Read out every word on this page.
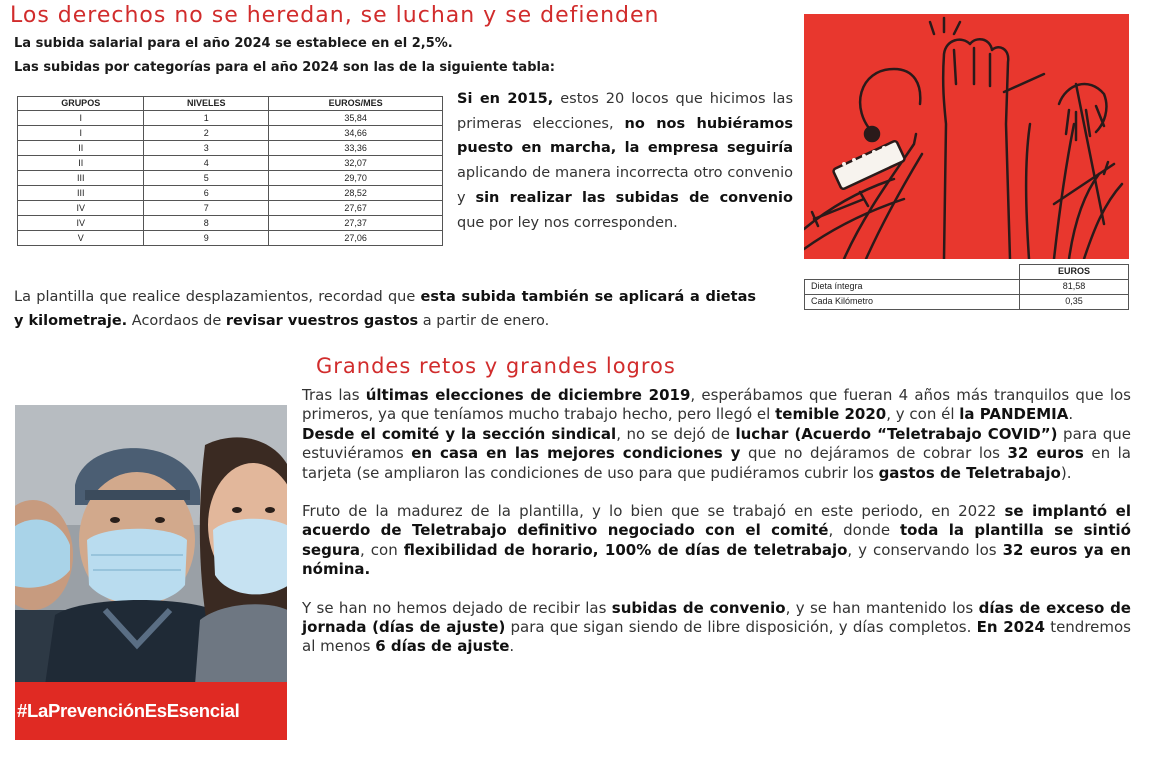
Los derechos no se heredan, se luchan y se defienden
La subida salarial para el año 2024 se establece en el 2,5%.
Las subidas por categorías para el año 2024 son las de la siguiente tabla:
GRUPOS	NIVELES	EUROS/MES
I	1	35,84
I	2	34,66
II	3	33,36
II	4	32,07
III	5	29,70
III	6	28,52
IV	7	27,67
IV	8	27,37
V	9	27,06
Si en 2015, estos 20 locos que hicimos las primeras elecciones, no nos hubiéramos puesto en marcha, la empresa seguiría aplicando de manera incorrecta otro convenio y sin realizar las subidas de convenio que por ley nos corresponden.
La plantilla que realice desplazamientos, recordad que esta subida también se aplicará a dietas y kilometraje. Acordaos de revisar vuestros gastos a partir de enero.
	EUROS
Dieta íntegra	81,58
Cada Kilómetro	0,35
Grandes retos y grandes logros
#LaPrevenciónEsEsencial

Tras las últimas elecciones de diciembre 2019, esperábamos que fueran 4 años más tranquilos que los primeros, ya que teníamos mucho trabajo hecho, pero llegó el temible 2020, y con él la PANDEMIA.

Desde el comité y la sección sindical, no se dejó de luchar (Acuerdo “Teletrabajo COVID”) para que estuviéramos en casa en las mejores condiciones y que no dejáramos de cobrar los 32 euros en la tarjeta (se ampliaron las condiciones de uso para que pudiéramos cubrir los gastos de Teletrabajo).

Fruto de la madurez de la plantilla, y lo bien que se trabajó en este periodo, en 2022 se implantó el acuerdo de Teletrabajo definitivo negociado con el comité, donde toda la plantilla se sintió segura, con flexibilidad de horario, 100% de días de teletrabajo, y conservando los 32 euros ya en nómina.

Y se han no hemos dejado de recibir las subidas de convenio, y se han mantenido los días de exceso de jornada (días de ajuste) para que sigan siendo de libre disposición, y días completos. En 2024 tendremos al menos 6 días de ajuste.
